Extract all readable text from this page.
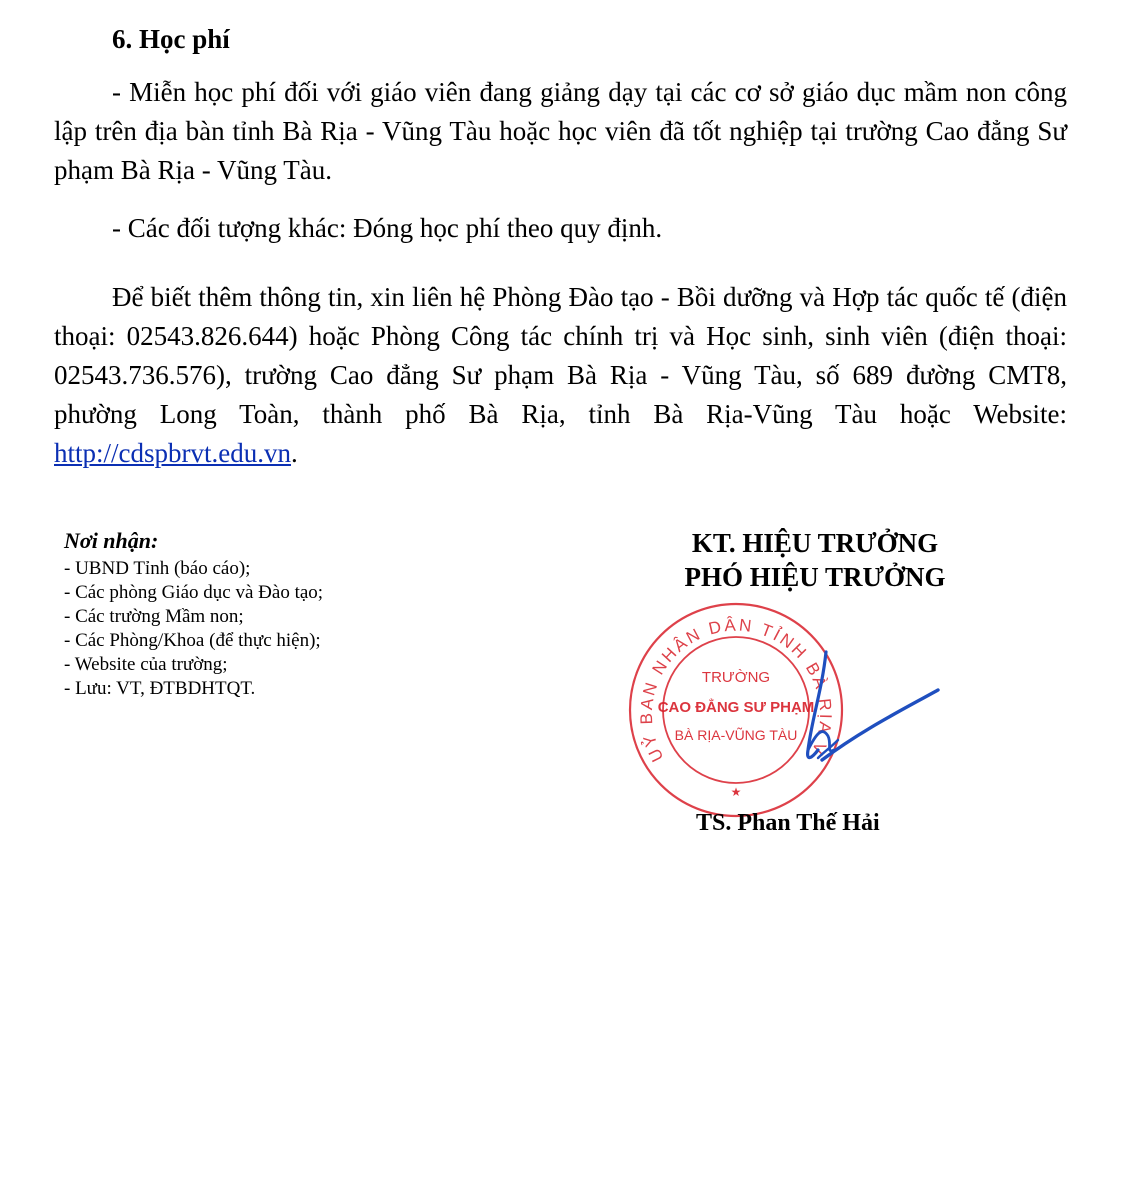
6. Học phí

- Miễn học phí đối với giáo viên đang giảng dạy tại các cơ sở giáo dục mầm non công lập trên địa bàn tỉnh Bà Rịa - Vũng Tàu hoặc học viên đã tốt nghiệp tại trường Cao đẳng Sư phạm Bà Rịa - Vũng Tàu.

- Các đối tượng khác: Đóng học phí theo quy định.

Để biết thêm thông tin, xin liên hệ Phòng Đào tạo - Bồi dưỡng và Hợp tác quốc tế (điện thoại: 02543.826.644) hoặc Phòng Công tác chính trị và Học sinh, sinh viên (điện thoại: 02543.736.576), trường Cao đẳng Sư phạm Bà Rịa - Vũng Tàu, số 689 đường CMT8, phường Long Toàn, thành phố Bà Rịa, tỉnh Bà Rịa-Vũng Tàu hoặc Website: http://cdspbrvt.edu.vn.

Nơi nhận:

- UBND Tỉnh (báo cáo);
- Các phòng Giáo dục và Đào tạo;
- Các trường Mầm non;
- Các Phòng/Khoa (để thực hiện);
- Website của trường;
- Lưu: VT, ĐTBDHTQT.

KT. HIỆU TRƯỞNG

PHÓ HIỆU TRƯỞNG

UỶ BAN NHÂN DÂN TỈNH BÀ RỊA V
TRƯỜNG
CAO ĐẲNG SƯ PHẠM
BÀ RỊA-VŨNG TÀU
★

TS. Phan Thế Hải
